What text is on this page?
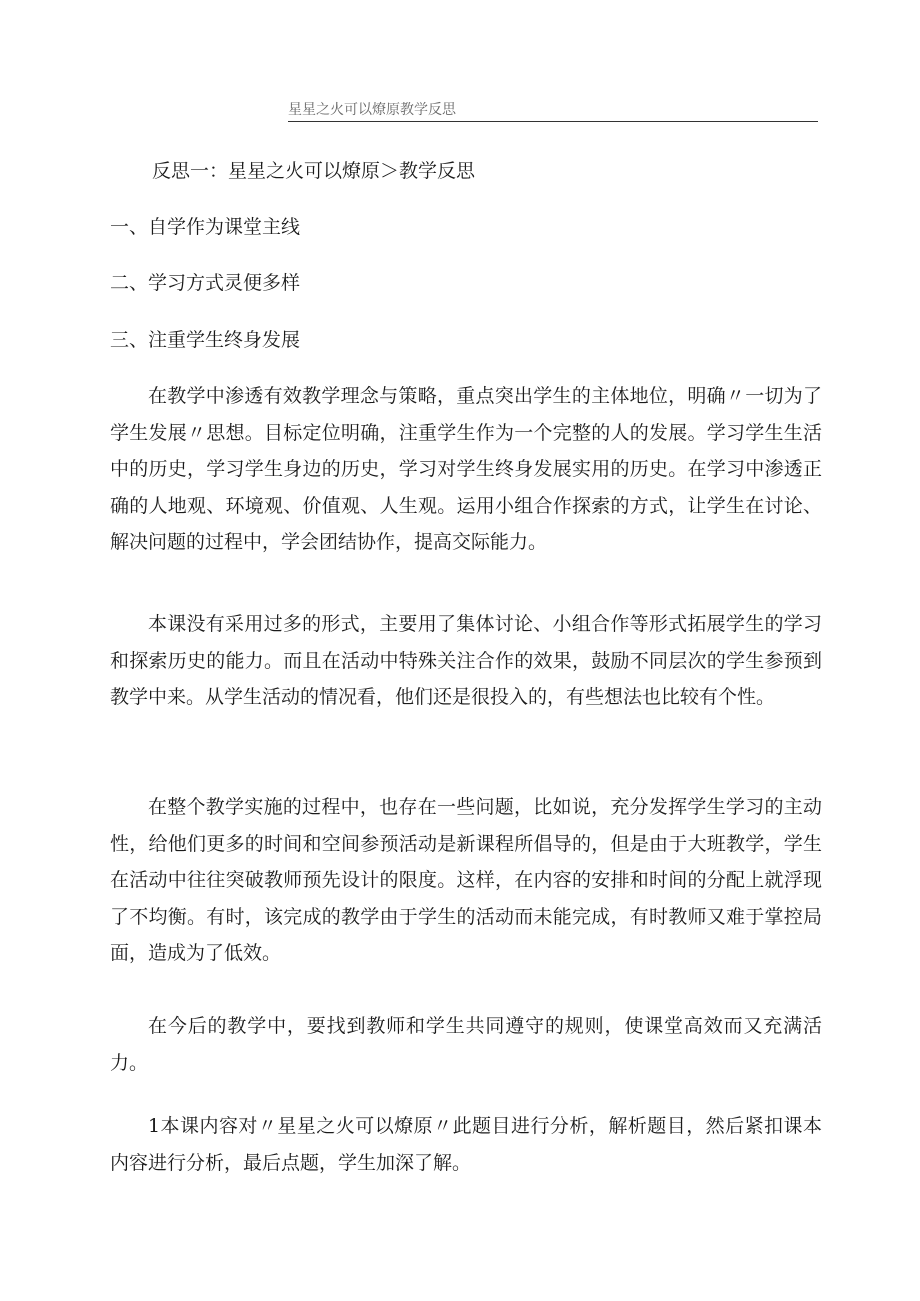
星星之火可以燎原教学反思
反思一：星星之火可以燎原＞教学反思
一、自学作为课堂主线
二、学习方式灵便多样
三、注重学生终身发展

在教学中渗透有效教学理念与策略，重点突出学生的主体地位，明确〃一切为了学生发展〃思想。目标定位明确，注重学生作为一个完整的人的发展。学习学生生活中的历史，学习学生身边的历史，学习对学生终身发展实用的历史。在学习中渗透正确的人地观、环境观、价值观、人生观。运用小组合作探索的方式，让学生在讨论、解决问题的过程中，学会团结协作，提高交际能力。

本课没有采用过多的形式，主要用了集体讨论、小组合作等形式拓展学生的学习和探索历史的能力。而且在活动中特殊关注合作的效果，鼓励不同层次的学生参预到教学中来。从学生活动的情况看，他们还是很投入的，有些想法也比较有个性。

在整个教学实施的过程中，也存在一些问题，比如说，充分发挥学生学习的主动性，给他们更多的时间和空间参预活动是新课程所倡导的，但是由于大班教学，学生在活动中往往突破教师预先设计的限度。这样，在内容的安排和时间的分配上就浮现了不均衡。有时，该完成的教学由于学生的活动而未能完成，有时教师又难于掌控局面，造成为了低效。

在今后的教学中，要找到教师和学生共同遵守的规则，使课堂高效而又充满活力。

1本课内容对〃星星之火可以燎原〃此题目进行分析，解析题目，然后紧扣课本内容进行分析，最后点题，学生加深了解。
